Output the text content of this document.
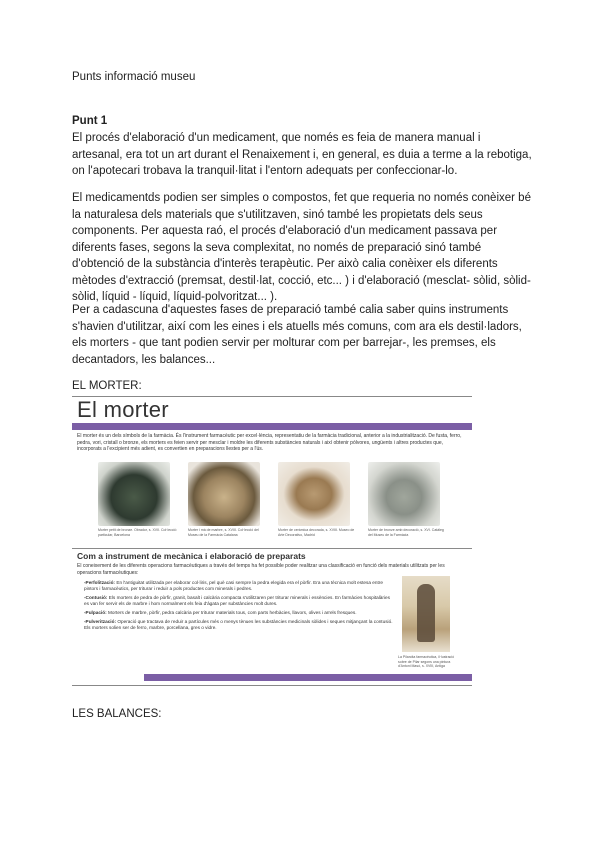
Punts informació museu
Punt 1

El procés d'elaboració d'un medicament, que només es feia de manera manual i artesanal, era tot un art durant el Renaixement i, en general, es duia a terme a la rebotiga, on l'apotecari trobava la tranquil·litat i l'entorn adequats per confeccionar-lo.

El medicamentds podien ser simples o compostos, fet que requeria no només conèixer bé la naturalesa dels materials que s'utilitzaven, sinó també les propietats dels seus components. Per aquesta raó, el procés d'elaboració d'un medicament passava per diferents fases, segons la seva complexitat, no només de preparació sinó també d'obtenció de la substància d'interès terapèutic. Per això calia conèixer els diferents mètodes d'extracció (premsat, destil·lat, cocció, etc... ) i d'elaboració (mesclat- sòlid, sòlid- sòlid, líquid - líquid, líquid-polvoritzat... ).

Per a cadascuna d'aquestes fases de preparació també calia saber quins instruments s'havien d'utilitzar, així com les eines i els atuells més comuns, com ara els destil·ladors, els morters - que tant podien servir per molturar com per barrejar-, les premses, els decantadors, les balances...

EL MORTER:
El morter

El morter és un dels símbols de la farmàcia. És l'instrument farmacèutic per excel·lència, representatiu de la farmàcia tradicional, anterior a la industrialització. De fusta, ferro, pedra, vori, cristall o bronze, els morters es feien servir per mesclar i moldre les diferents substàncies naturals i així obtenir pólvores, ungüents i altres productes que, incorporats a l'excipient més adient, es convertien en preparacions llestes per a l'ús.

Morter petit de bronze. Obrador, s. XVII. Col·lecció particular, Barcelona

Morter i mà de marbre, s. XVIII. Col·lecció del Museu de la Farmàcia Catalana

Morter de ceràmica decorada, s. XVIII. Museo de Arte Decorativo, Madrid

Morter de bronze amb decoració, s. XVI. Catàleg del Museu de la Farmàcia

Com a instrument de mecànica i elaboració de preparats

El coneixement de les diferents operacions farmacèutiques a través del temps ha fet possible poder realitzar una classificació en funció dels materials utilitzats per les operacions farmacèutiques:

-Perfolització: En l'antiguitat utilitzada per elaborar col·liris, pel què casi sempre la pedra elegida era el pòrfir. Era una tècnica molt estesa entre pintors i farmacèutics, per triturar i reduir a pols productes com minerals i pedres.
-Contusió: Els morters de pedra de pòrfir, granit, basalt i calcària compacta s'utilitzaren per triturar minerals i essències. En farmàcies hospitalàries es van fer servir els de marbre i hom normalment els feia d'ágata per substàncies molt dures.
-Pulpació: Morters de marbre, pòrfir, pedra calcària per triturar materials tous, com parts herbàcies, llavors, olives i arrels fresques.
-Pulverització: Operació que tractava de reduir a partícules més o menys tènues les substàncies medicinals sòlides i seques mitjançant la contusió. Els morters solien ser de ferro, marbre, porcellana, gres o vidre.

La Pilarcita farmacèutica, il·lustració sobre de Pilar segons una pintura d'Antoni Masó, s. XVIII, Antiga

LES BALANCES:
